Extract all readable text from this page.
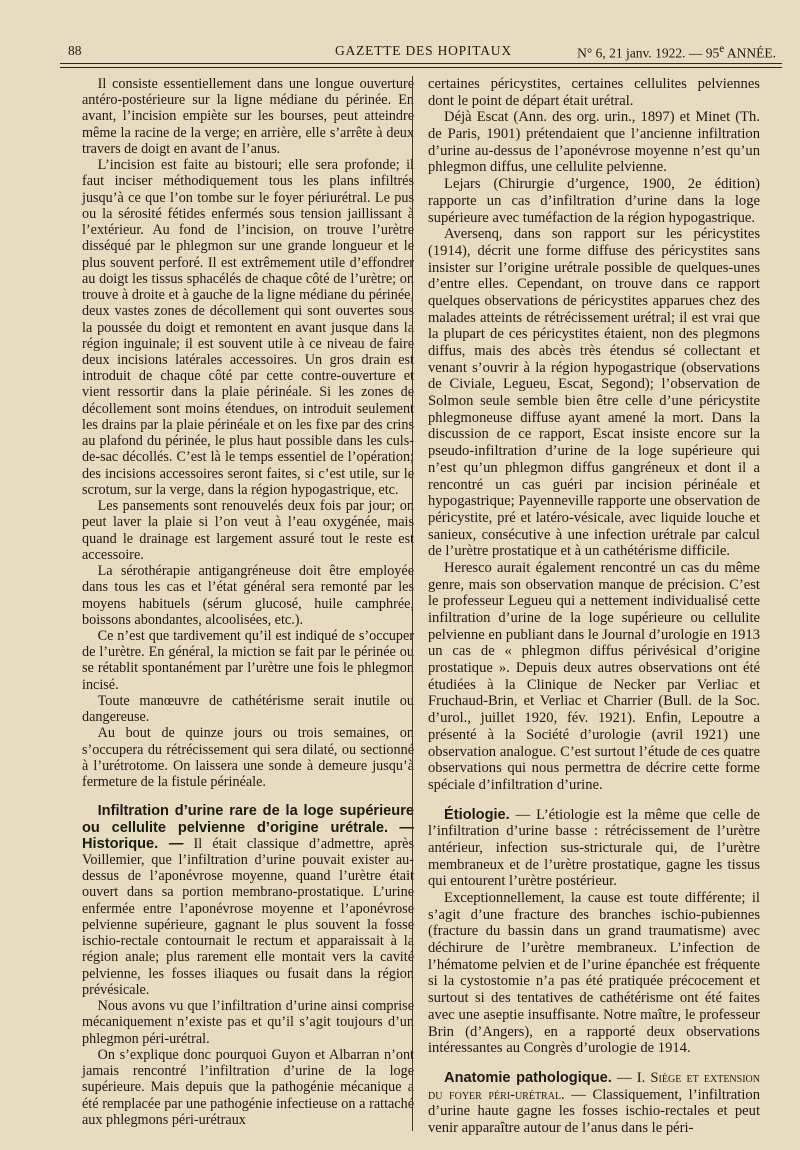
88	GAZETTE DES HOPITAUX	N° 6, 21 janv. 1922. — 95e ANNÉE.

Il consiste essentiellement dans une longue ouverture antéro-postérieure sur la ligne médiane du périnée. En avant, l’incision empiète sur les bourses, peut atteindre même la racine de la verge; en arrière, elle s’arrête à deux travers de doigt en avant de l’anus.

L’incision est faite au bistouri; elle sera profonde; il faut inciser méthodiquement tous les plans infiltrés jusqu’à ce que l’on tombe sur le foyer périurétral. Le pus ou la sérosité fétides enfermés sous tension jaillissant à l’extérieur. Au fond de l’incision, on trouve l’urètre disséqué par le phlegmon sur une grande longueur et le plus souvent perforé. Il est extrêmement utile d’effondrer au doigt les tissus sphacélés de chaque côté de l’urètre; on trouve à droite et à gauche de la ligne médiane du périnée, deux vastes zones de décollement qui sont ouvertes sous la poussée du doigt et remontent en avant jusque dans la région inguinale; il est souvent utile à ce niveau de faire deux incisions latérales accessoires. Un gros drain est introduit de chaque côté par cette contre-ouverture et vient ressortir dans la plaie périnéale. Si les zones de décollement sont moins étendues, on introduit seulement les drains par la plaie périnéale et on les fixe par des crins au plafond du périnée, le plus haut possible dans les culs-de-sac décollés. C’est là le temps essentiel de l’opération; des incisions accessoires seront faites, si c’est utile, sur le scrotum, sur la verge, dans la région hypogastrique, etc.

Les pansements sont renouvelés deux fois par jour; on peut laver la plaie si l’on veut à l’eau oxygénée, mais quand le drainage est largement assuré tout le reste est accessoire.

La sérothérapie antigangréneuse doit être employée dans tous les cas et l’état général sera remonté par les moyens habituels (sérum glucosé, huile camphrée, boissons abondantes, alcoolisées, etc.).

Ce n’est que tardivement qu’il est indiqué de s’occuper de l’urètre. En général, la miction se fait par le périnée ou se rétablit spontanément par l’urètre une fois le phlegmon incisé.

Toute manœuvre de cathétérisme serait inutile ou dangereuse.

Au bout de quinze jours ou trois semaines, on s’occupera du rétrécissement qui sera dilaté, ou sectionné à l’urétrotome. On laissera une sonde à demeure jusqu’à fermeture de la fistule périnéale.

Infiltration d’urine rare de la loge supérieure ou cellulite pelvienne d’origine urétrale. — Historique. — Il était classique d’admettre, après Voillemier, que l’infiltration d’urine pouvait exister au-dessus de l’aponévrose moyenne, quand l’urètre était ouvert dans sa portion membrano-prostatique. L’urine enfermée entre l’aponévrose moyenne et l’aponévrose pelvienne supérieure, gagnant le plus souvent la fosse ischio-rectale contournait le rectum et apparaissait à la région anale; plus rarement elle montait vers la cavité pelvienne, les fosses iliaques ou fusait dans la région prévésicale.

Nous avons vu que l’infiltration d’urine ainsi comprise mécaniquement n’existe pas et qu’il s’agit toujours d’un phlegmon péri-urétral.

On s’explique donc pourquoi Guyon et Albarran n’ont jamais rencontré l’infiltration d’urine de la loge supérieure. Mais depuis que la pathogénie mécanique a été remplacée par une pathogénie infectieuse on a rattaché aux phlegmons péri-urétraux

certaines péricystites, certaines cellulites pelviennes dont le point de départ était urétral.

Déjà Escat (Ann. des org. urin., 1897) et Minet (Th. de Paris, 1901) prétendaient que l’ancienne infiltration d’urine au-dessus de l’aponévrose moyenne n’est qu’un phlegmon diffus, une cellulite pelvienne.

Lejars (Chirurgie d’urgence, 1900, 2e édition) rapporte un cas d’infiltration d’urine dans la loge supérieure avec tuméfaction de la région hypogastrique.

Aversenq, dans son rapport sur les péricystites (1914), décrit une forme diffuse des péricystites sans insister sur l’origine urétrale possible de quelques-unes d’entre elles. Cependant, on trouve dans ce rapport quelques observations de péricystites apparues chez des malades atteints de rétrécissement urétral; il est vrai que la plupart de ces péricystites étaient, non des plegmons diffus, mais des abcès très étendus sé collectant et venant s’ouvrir à la région hypogastrique (observations de Civiale, Legueu, Escat, Segond); l’observation de Solmon seule semble bien être celle d’une péricystite phlegmoneuse diffuse ayant amené la mort. Dans la discussion de ce rapport, Escat insiste encore sur la pseudo-infiltration d’urine de la loge supérieure qui n’est qu’un phlegmon diffus gangréneux et dont il a rencontré un cas guéri par incision périnéale et hypogastrique; Payenneville rapporte une observation de péricystite, pré et latéro-vésicale, avec liquide louche et sanieux, consécutive à une infection urétrale par calcul de l’urètre prostatique et à un cathétérisme difficile.

Heresco aurait également rencontré un cas du même genre, mais son observation manque de précision. C’est le professeur Legueu qui a nettement individualisé cette infiltration d’urine de la loge supérieure ou cellulite pelvienne en publiant dans le Journal d’urologie en 1913 un cas de « phlegmon diffus périvésical d’origine prostatique ». Depuis deux autres observations ont été étudiées à la Clinique de Necker par Verliac et Fruchaud-Brin, et Verliac et Charrier (Bull. de la Soc. d’urol., juillet 1920, fév. 1921). Enfin, Lepoutre a présenté à la Société d’urologie (avril 1921) une observation analogue. C’est surtout l’étude de ces quatre observations qui nous permettra de décrire cette forme spéciale d’infiltration d’urine.

Étiologie. — L’étiologie est la même que celle de l’infiltration d’urine basse : rétrécissement de l’urètre antérieur, infection sus-stricturale qui, de l’urètre membraneux et de l’urètre prostatique, gagne les tissus qui entourent l’urètre postérieur.

Exceptionnellement, la cause est toute différente; il s’agit d’une fracture des branches ischio-pubiennes (fracture du bassin dans un grand traumatisme) avec déchirure de l’urètre membraneux. L’infection de l’hématome pelvien et de l’urine épanchée est fréquente si la cystostomie n’a pas été pratiquée précocement et surtout si des tentatives de cathétérisme ont été faites avec une aseptie insuffisante. Notre maître, le professeur Brin (d’Angers), en a rapporté deux observations intéressantes au Congrès d’urologie de 1914.

Anatomie pathologique. — I. Siège et extension du foyer péri-urétral. — Classiquement, l’infiltration d’urine haute gagne les fosses ischio-rectales et peut venir apparaître autour de l’anus dans le péri-
